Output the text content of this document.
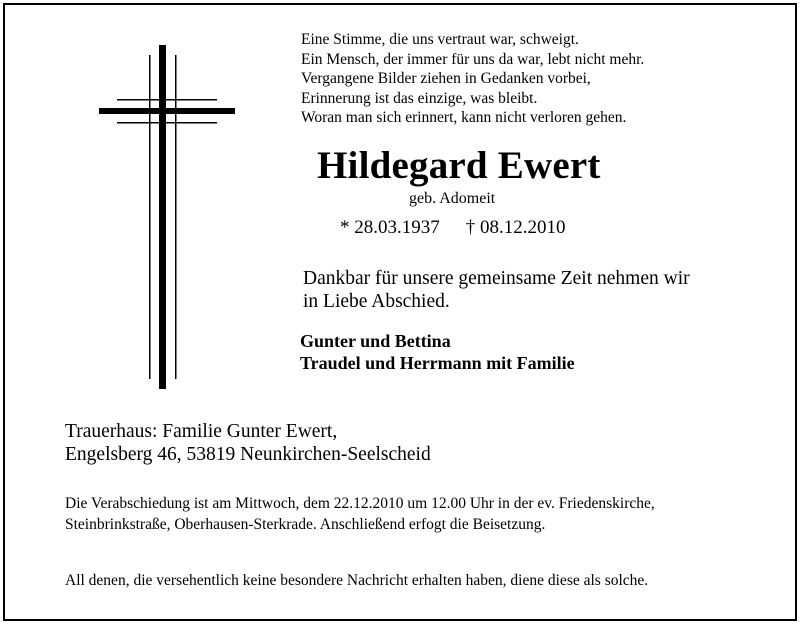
Eine Stimme, die uns vertraut war, schweigt.
Ein Mensch, der immer für uns da war, lebt nicht mehr.
Vergangene Bilder ziehen in Gedanken vorbei,
Erinnerung ist das einzige, was bleibt.
Woran man sich erinnert, kann nicht verloren gehen.
Hildegard Ewert
geb. Adomeit
* 28.03.1937 † 08.12.2010
Dankbar für unsere gemeinsame Zeit nehmen wir
in Liebe Abschied.
Gunter und Bettina
Traudel und Herrmann mit Familie
Trauerhaus: Familie Gunter Ewert,
Engelsberg 46, 53819 Neunkirchen-Seelscheid
Die Verabschiedung ist am Mittwoch, dem 22.12.2010 um 12.00 Uhr in der ev. Friedenskirche,
Steinbrinkstraße, Oberhausen-Sterkrade. Anschließend erfogt die Beisetzung.
All denen, die versehentlich keine besondere Nachricht erhalten haben, diene diese als solche.
